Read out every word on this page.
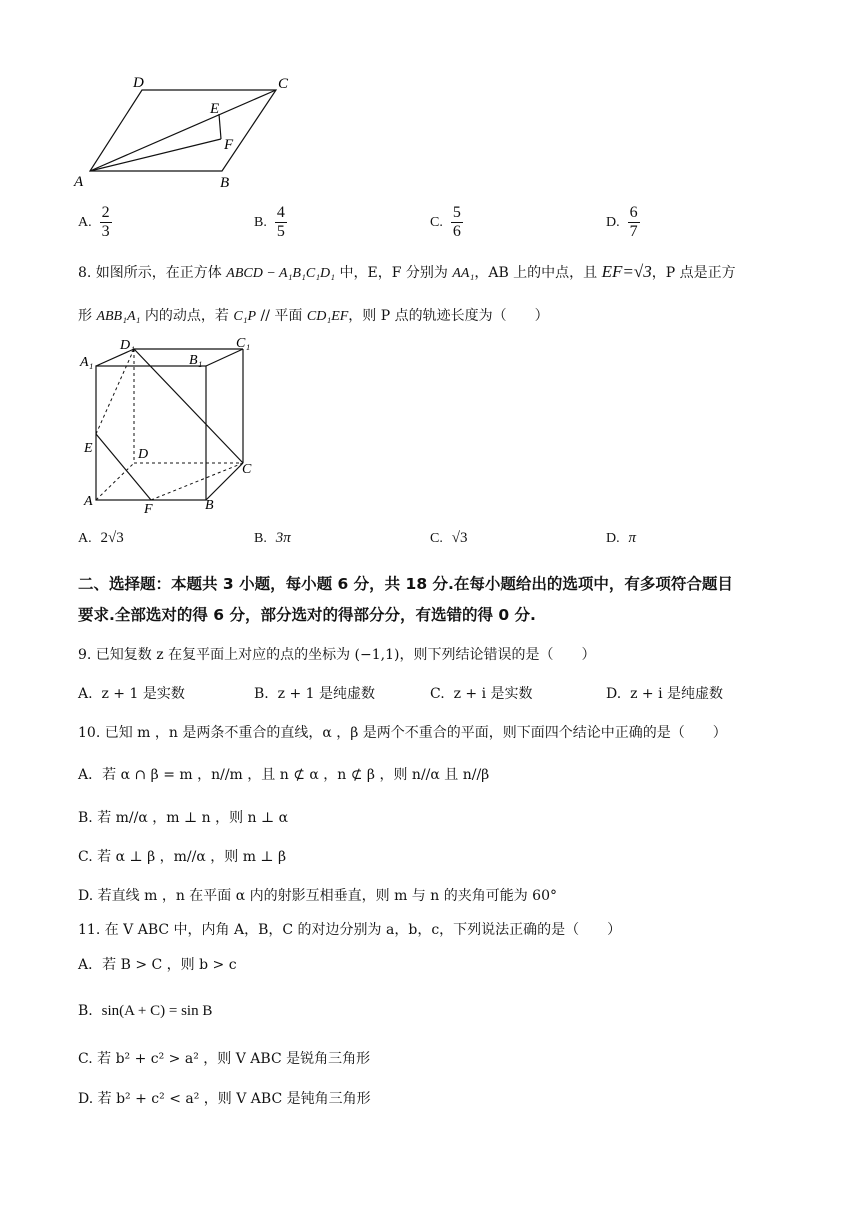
A	B
C
D
E
F
A. $\frac{2}{3}$	B. $\frac{4}{5}$	C. $\frac{5}{6}$	D. $\frac{6}{7}$
8. 如图所示，在正方体 ABCD − A₁B₁C₁D₁ 中，E，F 分别为 AA₁，AB 上的中点，且 EF=√3，P 点是正方
形 ABB₁A₁ 内的动点，若 C₁P // 平面 CD₁EF，则 P 点的轨迹长度为（　　）
D₁	C₁
A₁	B₁
E	D
C
A
F	B
A. 2√3	B. 3π	C. √3	D. π
二、选择题：本题共 3 小题，每小题 6 分，共 18 分.在每小题给出的选项中，有多项符合题目
要求.全部选对的得 6 分，部分选对的得部分分，有选错的得 0 分.
9. 已知复数 z 在复平面上对应的点的坐标为 (−1,1)，则下列结论错误的是（　　）
A. z + 1 是实数	B. z + 1 是纯虚数	C. z + i 是实数	D. z + i 是纯虚数
10. 已知 m ，n 是两条不重合的直线，α ，β 是两个不重合的平面，则下面四个结论中正确的是（　　）
A．若 α ∩ β = m ，n//m ，且 n ⊄ α ，n ⊄ β ，则 n//α 且 n//β
B. 若 m//α ，m ⊥ n ，则 n ⊥ α
C. 若 α ⊥ β ，m//α ，则 m ⊥ β
D. 若直线 m ，n 在平面 α 内的射影互相垂直，则 m 与 n 的夹角可能为 60°
11. 在 V ABC 中，内角 A，B，C 的对边分别为 a，b，c，下列说法正确的是（　　）
A．若 B > C ，则 b > c
B. sin(A + C) = sin B
C. 若 b² + c² > a² ，则 V ABC 是锐角三角形
D. 若 b² + c² < a² ，则 V ABC 是钝角三角形
